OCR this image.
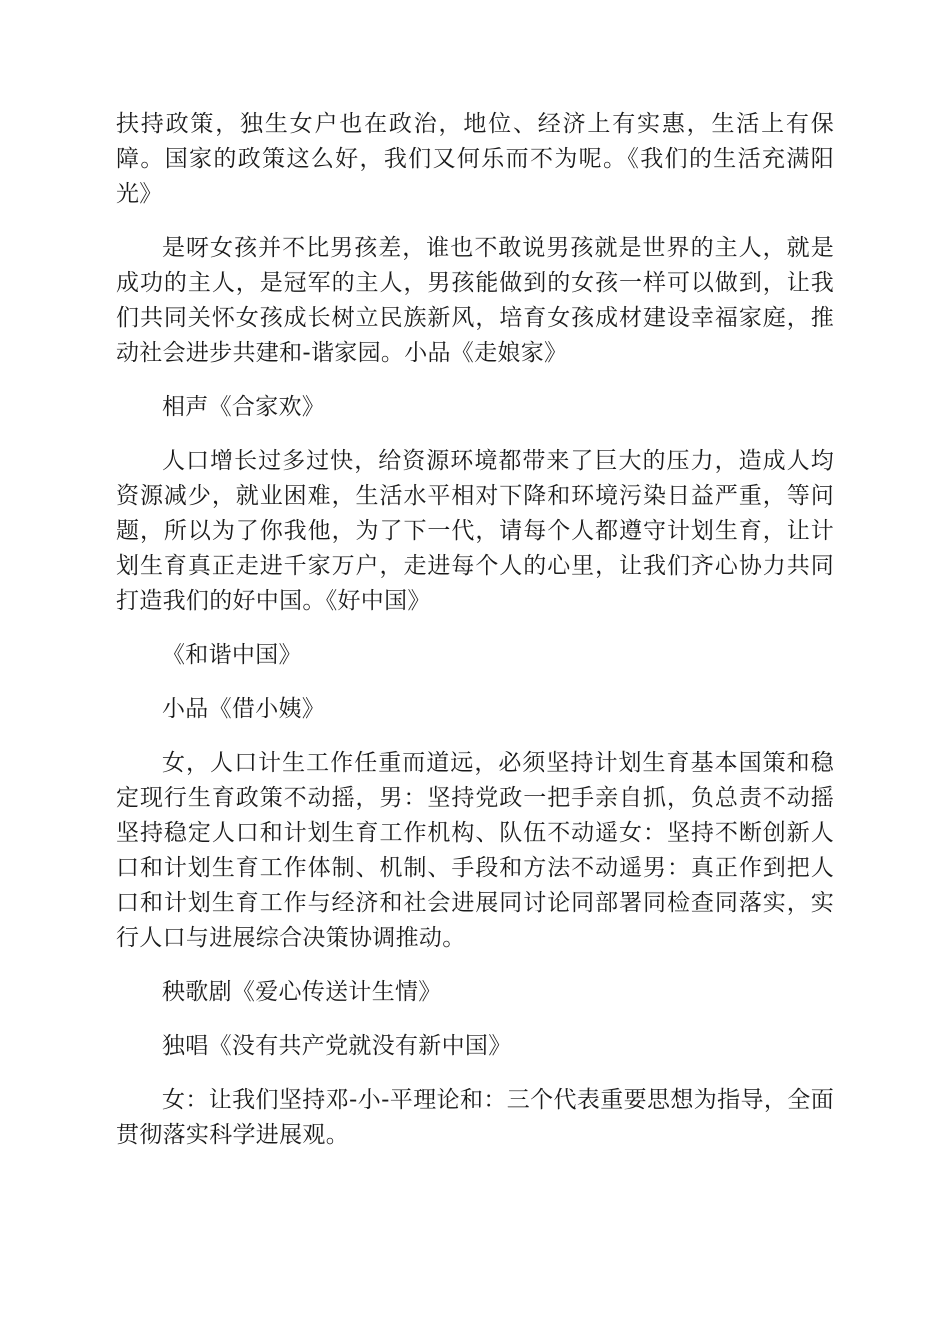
扶持政策，独生女户也在政治，地位、经济上有实惠，生活上有保障。国家的政策这么好，我们又何乐而不为呢。《我们的生活充满阳光》

是呀女孩并不比男孩差，谁也不敢说男孩就是世界的主人，就是成功的主人，是冠军的主人，男孩能做到的女孩一样可以做到，让我们共同关怀女孩成长树立民族新风，培育女孩成材建设幸福家庭，推动社会进步共建和-谐家园。小品《走娘家》

相声《合家欢》

人口增长过多过快，给资源环境都带来了巨大的压力，造成人均资源减少，就业困难，生活水平相对下降和环境污染日益严重，等问题，所以为了你我他，为了下一代，请每个人都遵守计划生育，让计划生育真正走进千家万户，走进每个人的心里，让我们齐心协力共同打造我们的好中国。《好中国》

《和谐中国》

小品《借小姨》

女，人口计生工作任重而道远，必须坚持计划生育基本国策和稳定现行生育政策不动摇，男：坚持党政一把手亲自抓，负总责不动摇坚持稳定人口和计划生育工作机构、队伍不动遥女：坚持不断创新人口和计划生育工作体制、机制、手段和方法不动遥男：真正作到把人口和计划生育工作与经济和社会进展同讨论同部署同检查同落实，实行人口与进展综合决策协调推动。

秧歌剧《爱心传送计生情》

独唱《没有共产党就没有新中国》

女：让我们坚持邓-小-平理论和：三个代表重要思想为指导，全面贯彻落实科学进展观。
